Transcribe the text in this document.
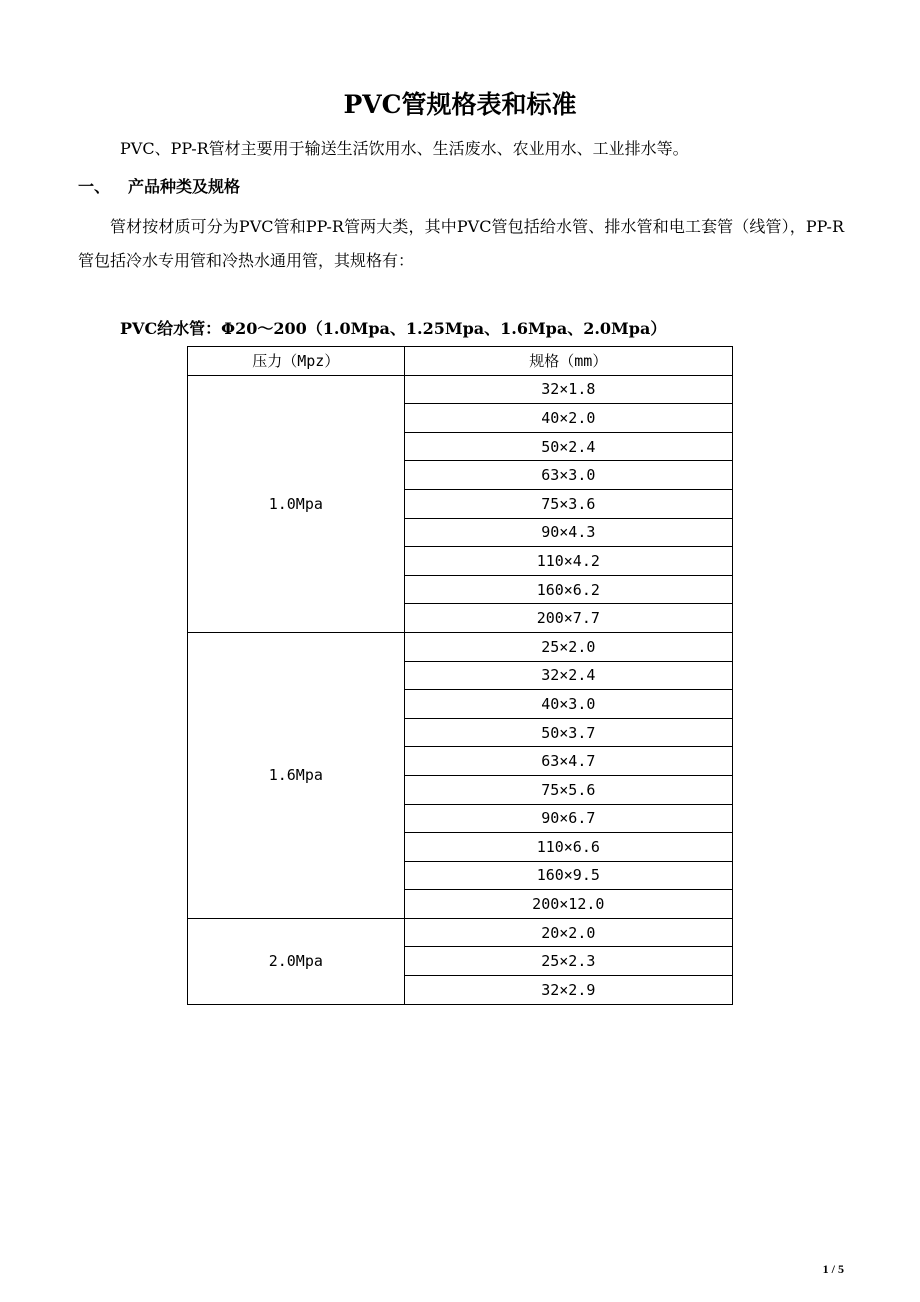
PVC管规格表和标准
PVC、PP-R管材主要用于输送生活饮用水、生活废水、农业用水、工业排水等。
一、 产品种类及规格
管材按材质可分为PVC管和PP-R管两大类，其中PVC管包括给水管、排水管和电工套管（线管），PP-R管包括冷水专用管和冷热水通用管，其规格有：
PVC给水管：Φ20～200（1.0Mpa、1.25Mpa、1.6Mpa、2.0Mpa）
压力（Mpz）	规格（mm）
1.0Mpa	32×1.8
	40×2.0
	50×2.4
	63×3.0
	75×3.6
	90×4.3
	110×4.2
	160×6.2
	200×7.7
1.6Mpa	25×2.0
	32×2.4
	40×3.0
	50×3.7
	63×4.7
	75×5.6
	90×6.7
	110×6.6
	160×9.5
	200×12.0
2.0Mpa	20×2.0
	25×2.3
	32×2.9
1 / 5
